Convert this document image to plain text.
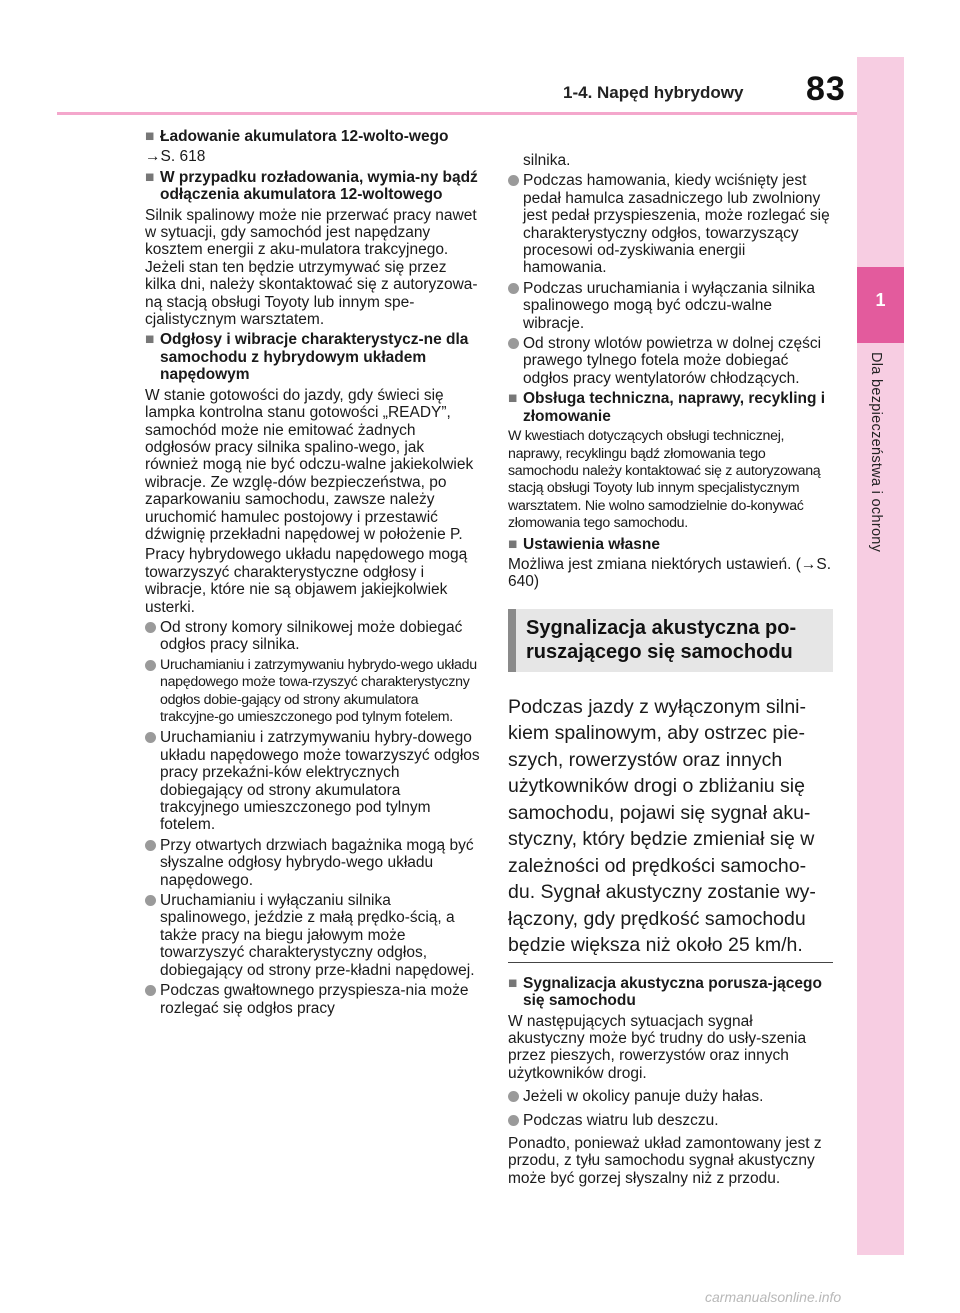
1-4. Napęd hybrydowy 83
1
Dla bezpieczeństwa i ochrony
■ Ładowanie akumulatora 12-wolto-wego

→S. 618

■ W przypadku rozładowania, wymia-ny bądź odłączenia akumulatora 12-woltowego

Silnik spalinowy może nie przerwać pracy nawet w sytuacji, gdy samochód jest napędzany kosztem energii z aku-mulatora trakcyjnego. Jeżeli stan ten będzie utrzymywać się przez kilka dni, należy skontaktować się z autoryzowa-ną stacją obsługi Toyoty lub innym spe-cjalistycznym warsztatem.

■ Odgłosy i wibracje charakterystycz-ne dla samochodu z hybrydowym układem napędowym

W stanie gotowości do jazdy, gdy świeci się lampka kontrolna stanu gotowości „READY”, samochód może nie emitować żadnych odgłosów pracy silnika spalino-wego, jak również mogą nie być odczu-walne jakiekolwiek wibracje. Ze wzglę-dów bezpieczeństwa, po zaparkowaniu samochodu, zawsze należy uruchomić hamulec postojowy i przestawić dźwignię przekładni napędowej w położenie P.

Pracy hybrydowego układu napędowego mogą towarzyszyć charakterystyczne odgłosy i wibracje, które nie są objawem jakiejkolwiek usterki.

Od strony komory silnikowej może dobiegać odgłos pracy silnika.
Uruchamianiu i zatrzymywaniu hybrydo-wego układu napędowego może towa-rzyszyć charakterystyczny odgłos dobie-gający od strony akumulatora trakcyjne-go umieszczonego pod tylnym fotelem.
Uruchamianiu i zatrzymywaniu hybry-dowego układu napędowego może towarzyszyć odgłos pracy przekaźni-ków elektrycznych dobiegający od strony akumulatora trakcyjnego umieszczonego pod tylnym fotelem.
Przy otwartych drzwiach bagażnika mogą być słyszalne odgłosy hybrydo-wego układu napędowego.
Uruchamianiu i wyłączaniu silnika spalinowego, jeździe z małą prędko-ścią, a także pracy na biegu jałowym może towarzyszyć charakterystyczny odgłos, dobiegający od strony prze-kładni napędowej.
Podczas gwałtownego przyspiesza-nia może rozlegać się odgłos pracy

silnika.

Podczas hamowania, kiedy wciśnięty jest pedał hamulca zasadniczego lub zwolniony jest pedał przyspieszenia, może rozlegać się charakterystyczny odgłos, towarzyszący procesowi od-zyskiwania energii hamowania.
Podczas uruchamiania i wyłączania silnika spalinowego mogą być odczu-walne wibracje.
Od strony wlotów powietrza w dolnej części prawego tylnego fotela może dobiegać odgłos pracy wentylatorów chłodzących.
■ Obsługa techniczna, naprawy, recykling i złomowanie

W kwestiach dotyczących obsługi technicznej, naprawy, recyklingu bądź złomowania tego samochodu należy kontaktować się z autoryzowaną stacją obsługi Toyoty lub innym specjalistycznym warsztatem. Nie wolno samodzielnie do-konywać złomowania tego samochodu.

■ Ustawienia własne

Możliwa jest zmiana niektórych ustawień. (→S. 640)

Sygnalizacja akustyczna po-ruszającego się samochodu

Podczas jazdy z wyłączonym silni-kiem spalinowym, aby ostrzec pie-szych, rowerzystów oraz innych użytkowników drogi o zbliżaniu się samochodu, pojawi się sygnał aku-styczny, który będzie zmieniał się w zależności od prędkości samocho-du. Sygnał akustyczny zostanie wy-łączony, gdy prędkość samochodu będzie większa niż około 25 km/h.

■ Sygnalizacja akustyczna porusza-jącego się samochodu

W następujących sytuacjach sygnał akustyczny może być trudny do usły-szenia przez pieszych, rowerzystów oraz innych użytkowników drogi.

Jeżeli w okolicy panuje duży hałas.
Podczas wiatru lub deszczu.

Ponadto, ponieważ układ zamontowany jest z przodu, z tyłu samochodu sygnał akustyczny może być gorzej słyszalny niż z przodu.

carmanualsonline.info
